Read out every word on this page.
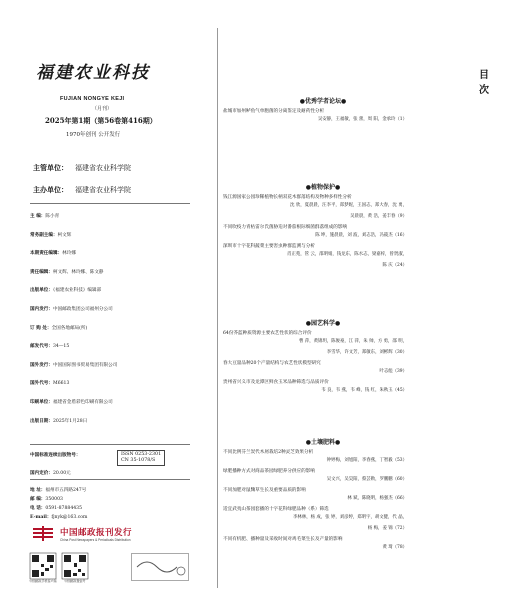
福建农业科技
FUJIAN NONGYE KEJI
（月刊）
2025年第1期（第56卷第416期）
1970年创刊 公开发行
主管单位： 福建省农业科学院
主办单位： 福建省农业科学院
主 编：陈小青
常务副主编：柯文辉
本期责任编辑：林玲娜
责任编辑：柯文辉、林玲娜、陈文静
出版单位：《福建农业科技》编辑部
国内发行：中国邮政集团公司福州分公司
订 购 处：全国各地邮局(所)
邮发代号：34—15
国外发行：中国国际图书贸易集团有限公司
国外代号：M6613
印刷单位：福建省金盾彩色印刷有限公司
出版日期：2025年1月28日
中国标准连续出版物号：	ISSN 0253-2301
CN 35-1078/S
国内定价：20.00元
地 址：福州市五四路247号
邮 编：350003
电 话：0591-87884435
E-mail：fjnyk@163.com
中国邮政报刊发行
China Post Newspapers & Periodicals Distribution
中国邮政手机客户端	中国邮政微信号
目 次
●优秀学者论坛●
盐城市加州鲈鱼气单胞菌的分离鉴定及耐药性分析
吴安静，王福敏，张 蕾，周 阳，金承玲（1）
●植物保护●
钱江源国家公园珍稀植物长柄双花木群落结构及物种多样性分析
沈 欣，夏晨晨，汪李平，郑梦妮，王国志，郑大春，沈 勇，
吴晨晨，黄 浩，姜丰春（9）
不同吹疫力青枯雷尔氏菌胁迫对番茄根际细菌群落组成的影响
陈 坤，施晨晨，刘 波，刘志浩，冯筱杰（16）
深圳市十字花科蔬菜主要害虫种群监测与分析
肖正苑，管 云，邵明娟，钱龙东，陈水志，梁嘉梓，曾贤淑，
陈 庆（24）
●园艺科学●
64份芥蓝种质资源主要农艺性状的综合评价
曹 萍，黄锦玥，陈俊豪，江 萍，朱 帅，方 勇，邵 明，
李雪华，许文芳，郑敏东，刘彬辉（30）
春大豆量品种20个产量结构与农艺性状模型研究
叶志彪（39）
贵州省兴义市及龙潭区鲜食玉米品种筛选与品质评价
韦 良，韦 燕，韦 峰，钱 红，朱秋玉（45）
●土壤肥料●
不同比例芬兰炭代木屑栽培2种灵芝效果分析
钟婷梅，刘旭阳，李春燕，丁智毅（53）
绿肥播种方式对商品茶园绿肥养分供应的影响
吴文兴，吴昊阳，蔡芸勋，罗鹏鹏（60）
不同加肥对鼠麴草生长及重要品质的影响
林 斌，陈晓明，杨强杰（66）
适宜武夷山茶园套播的十字花科绿肥品种（系）筛选
李林林，杨 成，张 婷，刘彦婷，郑明宇，胡文健，代 晶，
杨 梅，姜 锦（72）
不同有机肥、播种量及采收时间对鸡毛菜生长及产量的影响
黄 琦（78）
